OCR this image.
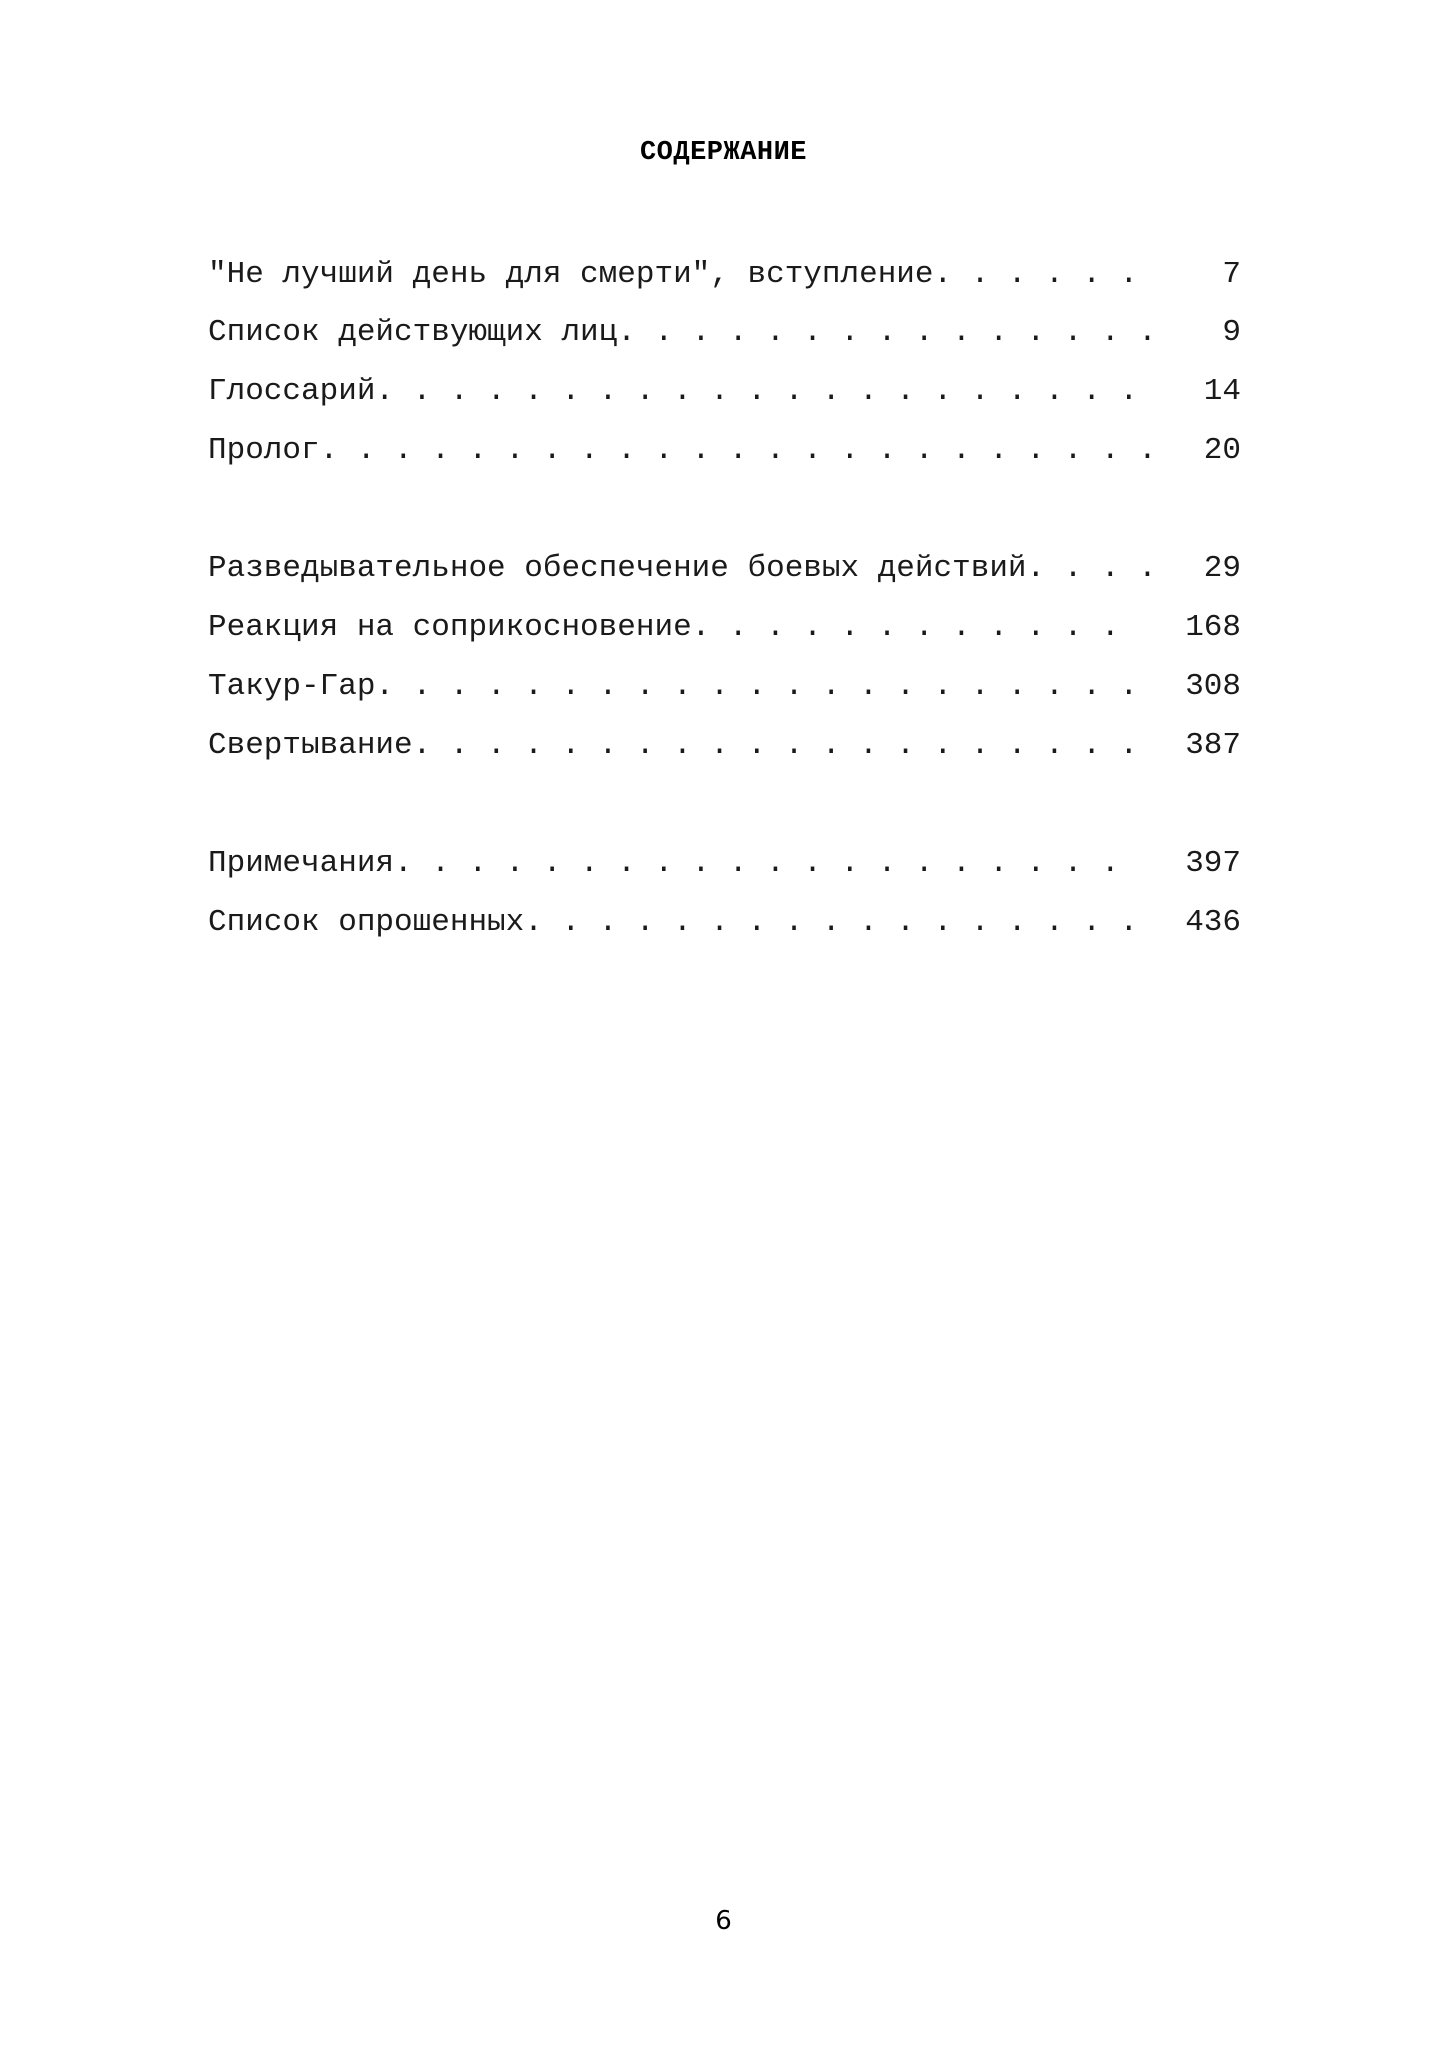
СОДЕРЖАНИЕ

"Не лучший день для смерти", вступление. . . . . .

	7

Список действующих лиц. . . . . . . . . . . . . . .

9

Глоссарий. . . . . . . . . . . . . . . . . . . . .

14

Пролог. . . . . . . . . . . . . . . . . . . . . . .

20

Разведывательное обеспечение боевых действий. . . .

29

Реакция на соприкосновение. . . . . . . . . . . .

168

Такур-Гар. . . . . . . . . . . . . . . . . . . . .

308

Свертывание. . . . . . . . . . . . . . . . . . . .

387

Примечания. . . . . . . . . . . . . . . . . . . .

397

Список опрошенных. . . . . . . . . . . . . . . . .

436

6
